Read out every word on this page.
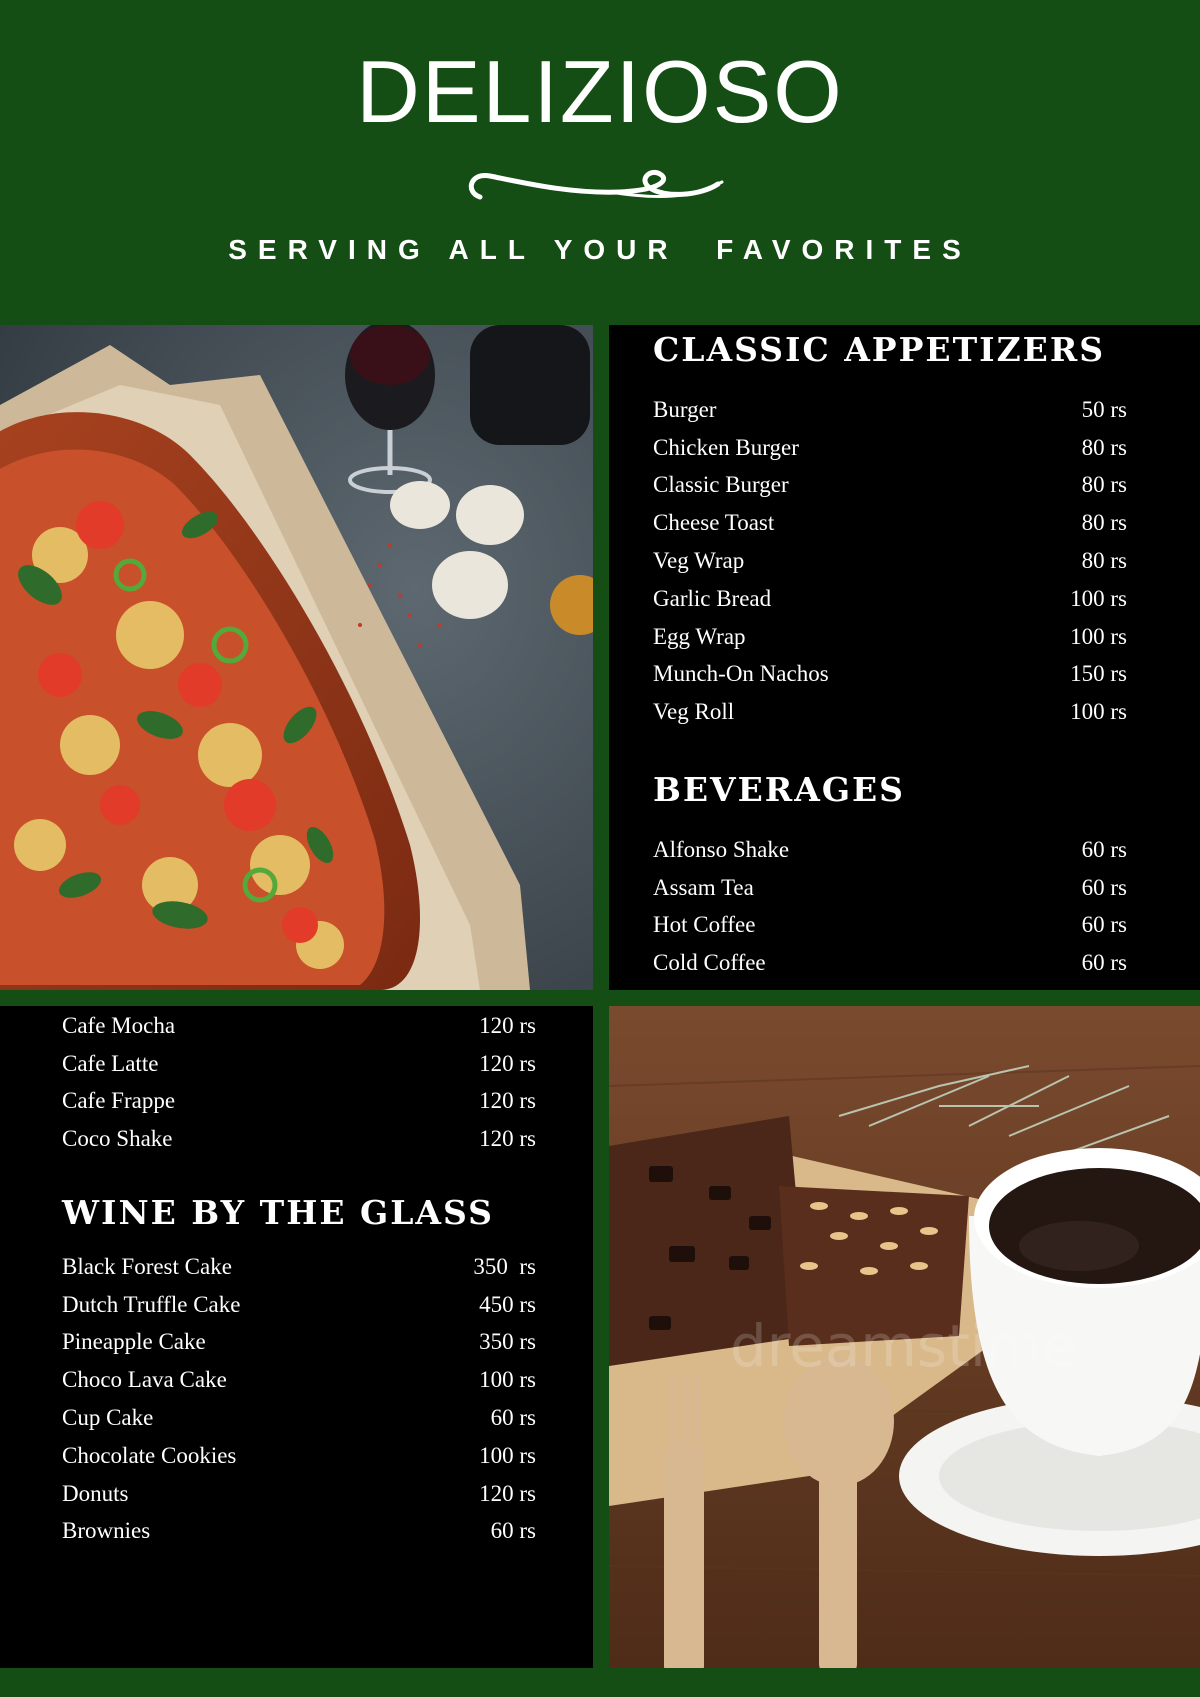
DELIZIOSO
SERVING ALL YOUR  FAVORITES
CLASSIC APPETIZERS
Burger	50 rs
Chicken Burger	80 rs
Classic Burger	80 rs
Cheese Toast	80 rs
Veg Wrap	80 rs
Garlic Bread	100 rs
Egg Wrap	100 rs
Munch-On Nachos	150 rs
Veg Roll	100 rs
BEVERAGES
Alfonso Shake	60 rs
Assam Tea	60 rs
Hot Coffee	60 rs
Cold Coffee	60 rs
Cafe Mocha	120 rs
Cafe Latte	120 rs
Cafe Frappe	120 rs
Coco Shake	120 rs
WINE BY THE GLASS
Black Forest Cake	350  rs
Dutch Truffle Cake	450 rs
Pineapple Cake	350 rs
Choco Lava Cake	100 rs
Cup Cake	60 rs
Chocolate Cookies	100 rs
Donuts	120 rs
Brownies	60 rs
dreamstime
